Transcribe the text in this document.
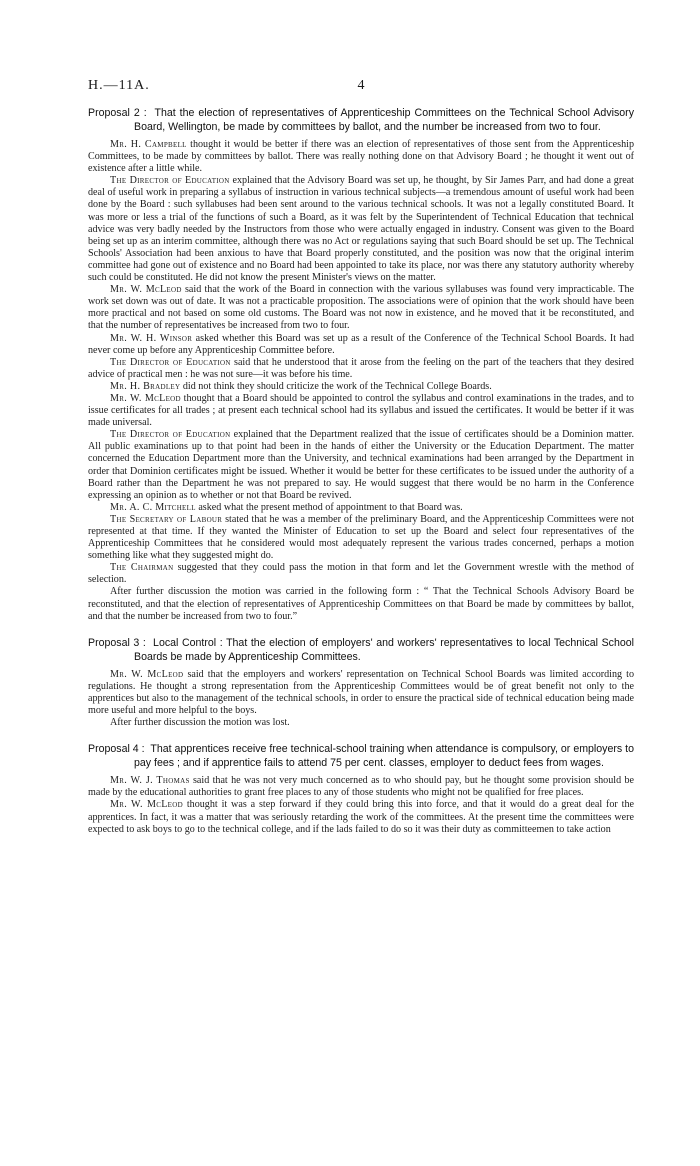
H.—11A.	4
Proposal 2 : That the election of representatives of Apprenticeship Committees on the Technical School Advisory Board, Wellington, be made by committees by ballot, and the number be increased from two to four.

Mr. H. Campbell thought it would be better if there was an election of representatives of those sent from the Apprenticeship Committees, to be made by committees by ballot. There was really nothing done on that Advisory Board ; he thought it went out of existence after a little while.

The Director of Education explained that the Advisory Board was set up, he thought, by Sir James Parr, and had done a great deal of useful work in preparing a syllabus of instruction in various technical subjects—a tremendous amount of useful work had been done by the Board : such syllabuses had been sent around to the various technical schools. It was not a legally constituted Board. It was more or less a trial of the functions of such a Board, as it was felt by the Superintendent of Technical Education that technical advice was very badly needed by the Instructors from those who were actually engaged in industry. Consent was given to the Board being set up as an interim committee, although there was no Act or regulations saying that such Board should be set up. The Technical Schools' Association had been anxious to have that Board properly constituted, and the position was now that the original interim committee had gone out of existence and no Board had been appointed to take its place, nor was there any statutory authority whereby such could be constituted. He did not know the present Minister's views on the matter.

Mr. W. McLeod said that the work of the Board in connection with the various syllabuses was found very impracticable. The work set down was out of date. It was not a practicable proposition. The associations were of opinion that the work should have been more practical and not based on some old customs. The Board was not now in existence, and he moved that it be reconstituted, and that the number of representatives be increased from two to four.

Mr. W. H. Winsor asked whether this Board was set up as a result of the Conference of the Technical School Boards. It had never come up before any Apprenticeship Committee before.

The Director of Education said that he understood that it arose from the feeling on the part of the teachers that they desired advice of practical men : he was not sure—it was before his time.

Mr. H. Bradley did not think they should criticize the work of the Technical College Boards.

Mr. W. McLeod thought that a Board should be appointed to control the syllabus and control examinations in the trades, and to issue certificates for all trades ; at present each technical school had its syllabus and issued the certificates. It would be better if it was made universal.

The Director of Education explained that the Department realized that the issue of certificates should be a Dominion matter. All public examinations up to that point had been in the hands of either the University or the Education Department. The matter concerned the Education Department more than the University, and technical examinations had been arranged by the Department in order that Dominion certificates might be issued. Whether it would be better for these certificates to be issued under the authority of a Board rather than the Department he was not prepared to say. He would suggest that there would be no harm in the Conference expressing an opinion as to whether or not that Board be revived.

Mr. A. C. Mitchell asked what the present method of appointment to that Board was.

The Secretary of Labour stated that he was a member of the preliminary Board, and the Apprenticeship Committees were not represented at that time. If they wanted the Minister of Education to set up the Board and select four representatives of the Apprenticeship Committees that he considered would most adequately represent the various trades concerned, perhaps a motion something like what they suggested might do.

The Chairman suggested that they could pass the motion in that form and let the Government wrestle with the method of selection.

After further discussion the motion was carried in the following form : “ That the Technical Schools Advisory Board be reconstituted, and that the election of representatives of Apprenticeship Committees on that Board be made by committees by ballot, and that the number be increased from two to four.”

Proposal 3 : Local Control : That the election of employers' and workers' representatives to local Technical School Boards be made by Apprenticeship Committees.

Mr. W. McLeod said that the employers and workers' representation on Technical School Boards was limited according to regulations. He thought a strong representation from the Apprenticeship Committees would be of great benefit not only to the apprentices but also to the management of the technical schools, in order to ensure the practical side of technical education being made more useful and more helpful to the boys.

After further discussion the motion was lost.

Proposal 4 : That apprentices receive free technical-school training when attendance is compulsory, or employers to pay fees ; and if apprentice fails to attend 75 per cent. classes, employer to deduct fees from wages.

Mr. W. J. Thomas said that he was not very much concerned as to who should pay, but he thought some provision should be made by the educational authorities to grant free places to any of those students who might not be qualified for free places.

Mr. W. McLeod thought it was a step forward if they could bring this into force, and that it would do a great deal for the apprentices. In fact, it was a matter that was seriously retarding the work of the committees. At the present time the committees were expected to ask boys to go to the technical college, and if the lads failed to do so it was their duty as committeemen to take action
